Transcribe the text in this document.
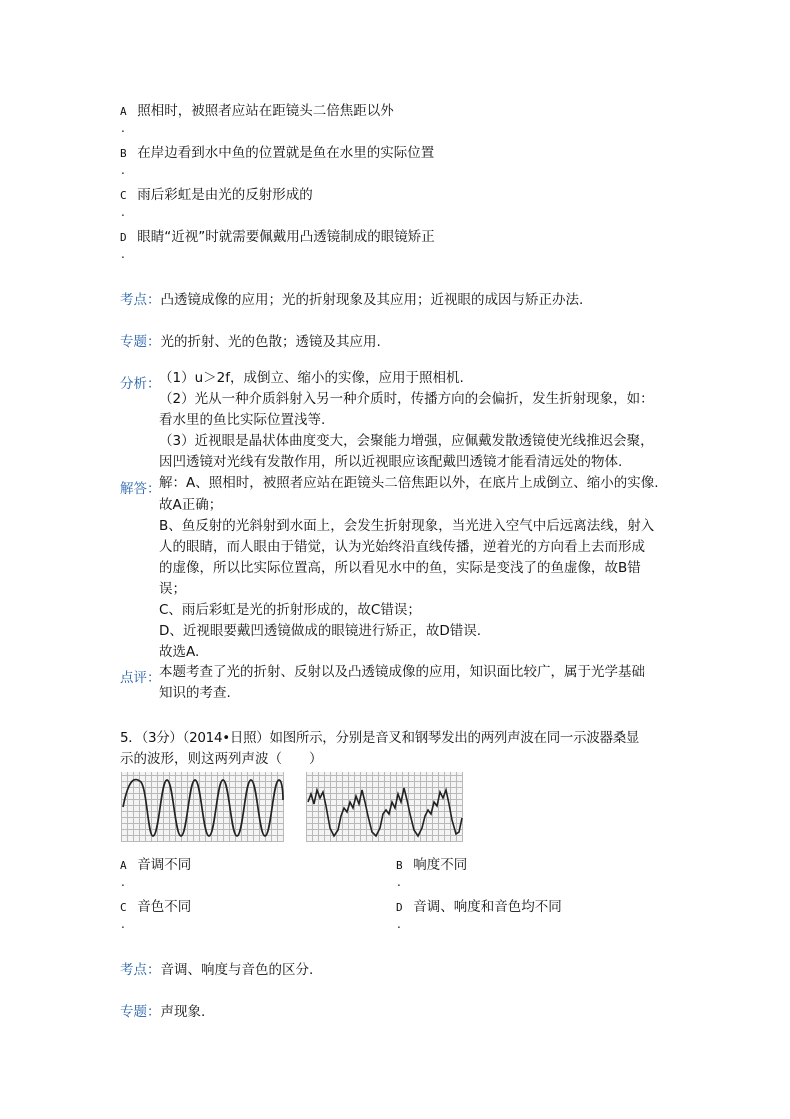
A 照相时，被照者应站在距镜头二倍焦距以外
.
B 在岸边看到水中鱼的位置就是鱼在水里的实际位置
.
C 雨后彩虹是由光的反射形成的
.
D 眼睛“近视”时就需要佩戴用凸透镜制成的眼镜矫正
.
考点：凸透镜成像的应用；光的折射现象及其应用；近视眼的成因与矫正办法.
专题：光的折射、光的色散；透镜及其应用.
分析：
（1）u＞2f，成倒立、缩小的实像，应用于照相机.
（2）光从一种介质斜射入另一种介质时，传播方向的会偏折，发生折射现象，如：
看水里的鱼比实际位置浅等.
（3）近视眼是晶状体曲度变大，会聚能力增强，应佩戴发散透镜使光线推迟会聚，
因凹透镜对光线有发散作用，所以近视眼应该配戴凹透镜才能看清远处的物体.
解答：
解：A、照相时，被照者应站在距镜头二倍焦距以外，在底片上成倒立、缩小的实像.
故A正确；
B、鱼反射的光斜射到水面上，会发生折射现象，当光进入空气中后远离法线，射入
人的眼睛，而人眼由于错觉，认为光始终沿直线传播，逆着光的方向看上去而形成
的虚像，所以比实际位置高，所以看见水中的鱼，实际是变浅了的鱼虚像，故B错
误；
C、雨后彩虹是光的折射形成的，故C错误；
D、近视眼要戴凹透镜做成的眼镜进行矫正，故D错误.
故选A.
点评：
本题考查了光的折射、反射以及凸透镜成像的应用，知识面比较广，属于光学基础
知识的考查.
5．（3分）（2014•日照）如图所示，分别是音叉和钢琴发出的两列声波在同一示波器桑显
示的波形，则这两列声波（　　）
A 音调不同
.
B 响度不同
.
C 音色不同
.
D 音调、响度和音色均不同
.
考点：音调、响度与音色的区分.
专题：声现象.
